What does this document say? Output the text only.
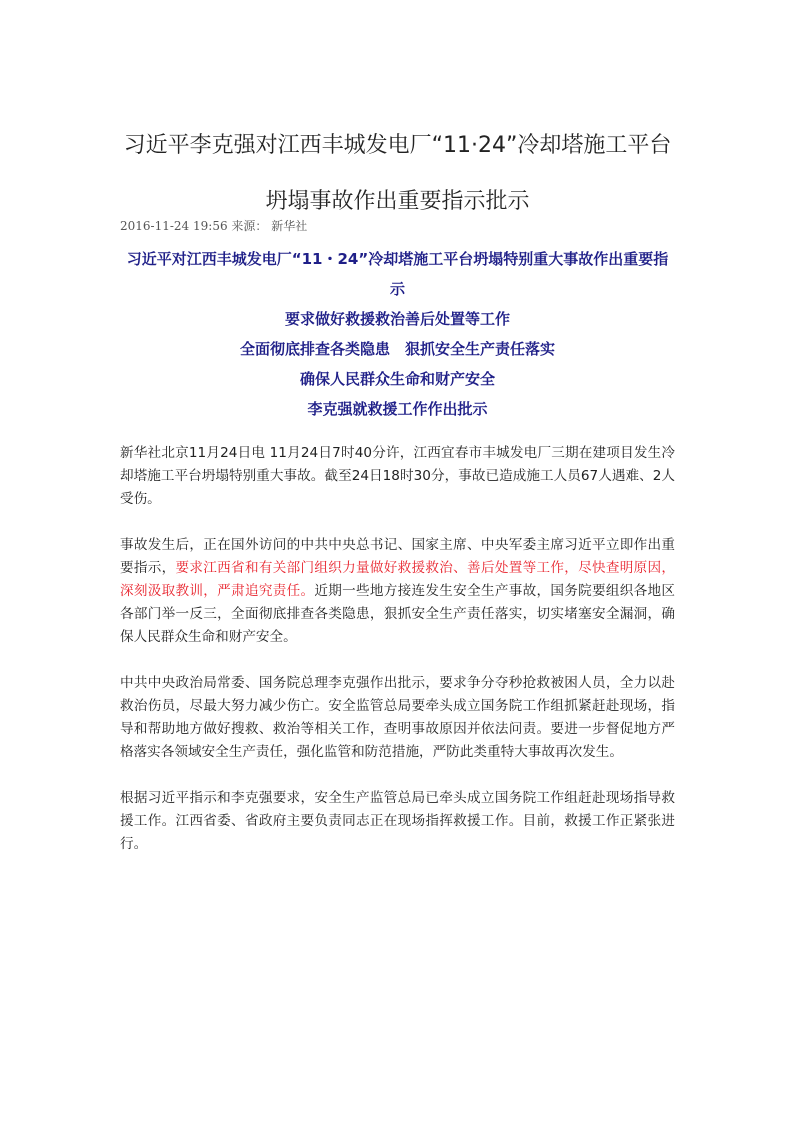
习近平李克强对江西丰城发电厂“11·24”冷却塔施工平台
坍塌事故作出重要指示批示
2016-11-24 19:56 来源： 新华社
习近平对江西丰城发电厂“11・24”冷却塔施工平台坍塌特别重大事故作出重要指示
要求做好救援救治善后处置等工作
全面彻底排查各类隐患　狠抓安全生产责任落实
确保人民群众生命和财产安全
李克强就救援工作作出批示

新华社北京11月24日电 11月24日7时40分许，江西宜春市丰城发电厂三期在建项目发生冷却塔施工平台坍塌特别重大事故。截至24日18时30分，事故已造成施工人员67人遇难、2人受伤。

事故发生后，正在国外访问的中共中央总书记、国家主席、中央军委主席习近平立即作出重要指示，要求江西省和有关部门组织力量做好救援救治、善后处置等工作，尽快查明原因，深刻汲取教训，严肃追究责任。近期一些地方接连发生安全生产事故，国务院要组织各地区各部门举一反三，全面彻底排查各类隐患，狠抓安全生产责任落实，切实堵塞安全漏洞，确保人民群众生命和财产安全。

中共中央政治局常委、国务院总理李克强作出批示，要求争分夺秒抢救被困人员，全力以赴救治伤员，尽最大努力减少伤亡。安全监管总局要牵头成立国务院工作组抓紧赶赴现场，指导和帮助地方做好搜救、救治等相关工作，查明事故原因并依法问责。要进一步督促地方严格落实各领域安全生产责任，强化监管和防范措施，严防此类重特大事故再次发生。

根据习近平指示和李克强要求，安全生产监管总局已牵头成立国务院工作组赶赴现场指导救援工作。江西省委、省政府主要负责同志正在现场指挥救援工作。目前，救援工作正紧张进行。
